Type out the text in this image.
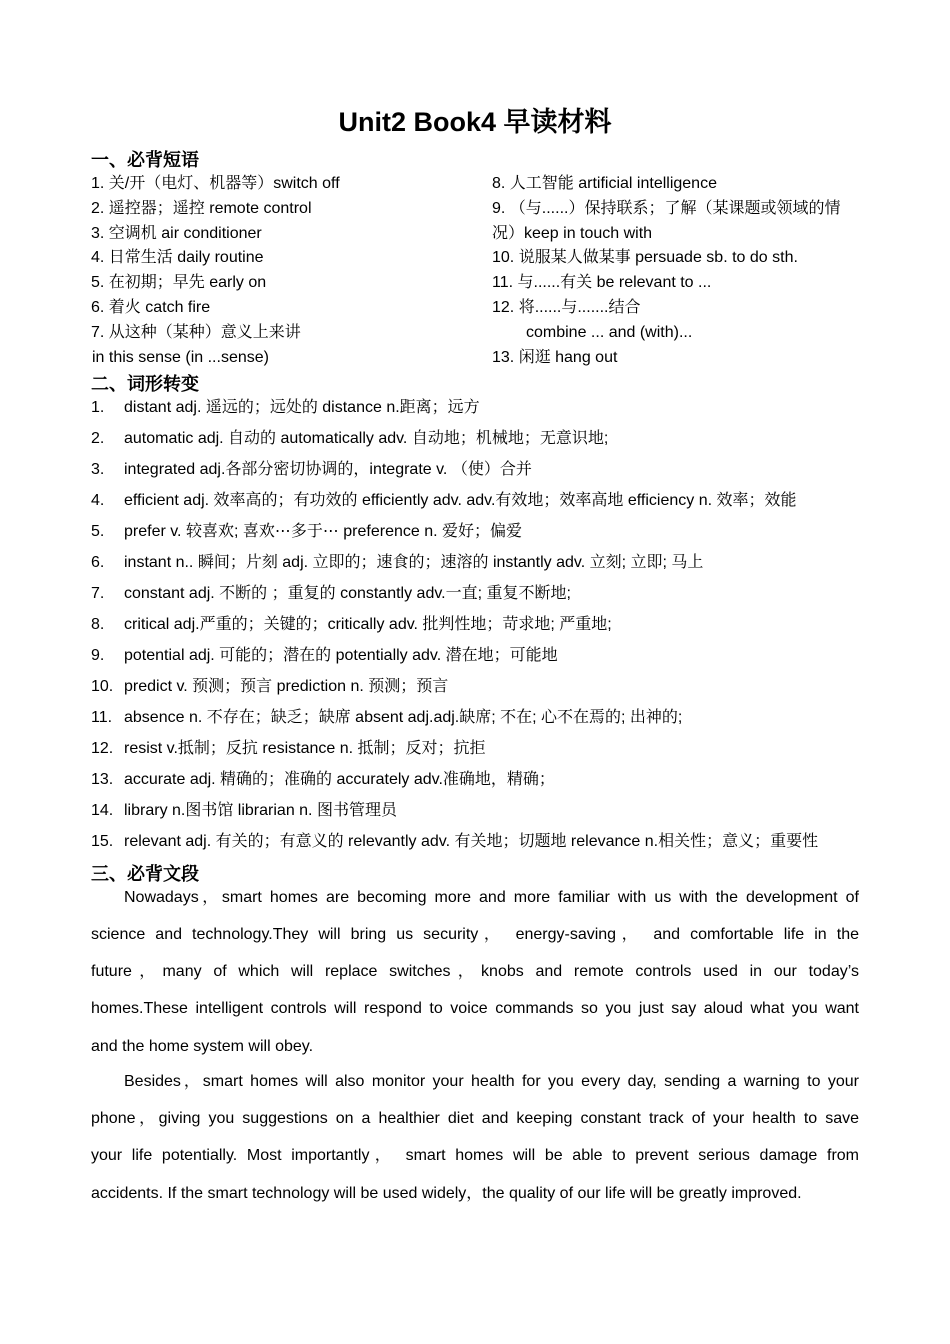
Unit2 Book4 早读材料
一、必背短语
1. 关/开（电灯、机器等）switch off
2. 遥控器；遥控 remote control
3. 空调机 air conditioner
4. 日常生活 daily routine
5. 在初期；早先 early on
6. 着火 catch fire
7. 从这种（某种）意义上来讲
in this sense (in ...sense)
8. 人工智能 artificial intelligence
9. （与......）保持联系；了解（某课题或领域的情
况）keep in touch with
10. 说服某人做某事 persuade sb. to do sth.
11. 与......有关 be relevant to ...
12. 将......与.......结合
combine ... and (with)...
13. 闲逛 hang out
二、词形转变
1. distant adj. 遥远的；远处的 distance n.距离；远方
2. automatic adj. 自动的 automatically adv. 自动地；机械地；无意识地;
3. integrated adj.各部分密切协调的，integrate v. （使）合并
4. efficient adj. 效率高的；有功效的 efficiently adv. adv.有效地；效率高地 efficiency n. 效率；效能
5. prefer v. 较喜欢; 喜欢⋯多于⋯ preference n. 爱好；偏爱
6. instant n.. 瞬间；片刻 adj. 立即的；速食的；速溶的 instantly adv. 立刻; 立即; 马上
7. constant adj. 不断的 ；重复的 constantly adv.一直; 重复不断地;
8. critical adj.严重的；关键的；critically adv. 批判性地；苛求地; 严重地;
9. potential adj. 可能的；潜在的 potentially adv. 潜在地；可能地
10. predict v. 预测；预言 prediction n. 预测；预言
11. absence n. 不存在；缺乏；缺席 absent adj.adj.缺席; 不在; 心不在焉的; 出神的;
12. resist v.抵制；反抗 resistance n. 抵制；反对；抗拒
13. accurate adj. 精确的；准确的 accurately adv.准确地，精确；
14. library n.图书馆 librarian n. 图书管理员
15. relevant adj. 有关的；有意义的 relevantly adv. 有关地；切题地 relevance n.相关性；意义；重要性
三、必背文段
Nowadays，smart homes are becoming more and more familiar with us with the development of
science and technology.They will bring us security， energy-saving， and comfortable life in the
future，many of which will replace switches，knobs and remote controls used in our today’s
homes.These intelligent controls will respond to voice commands so you just say aloud what you want
and the home system will obey.
Besides，smart homes will also monitor your health for you every day, sending a warning to your
phone，giving you suggestions on a healthier diet and keeping constant track of your health to save
your life potentially. Most importantly， smart homes will be able to prevent serious damage from
accidents. If the smart technology will be used widely，the quality of our life will be greatly improved.
